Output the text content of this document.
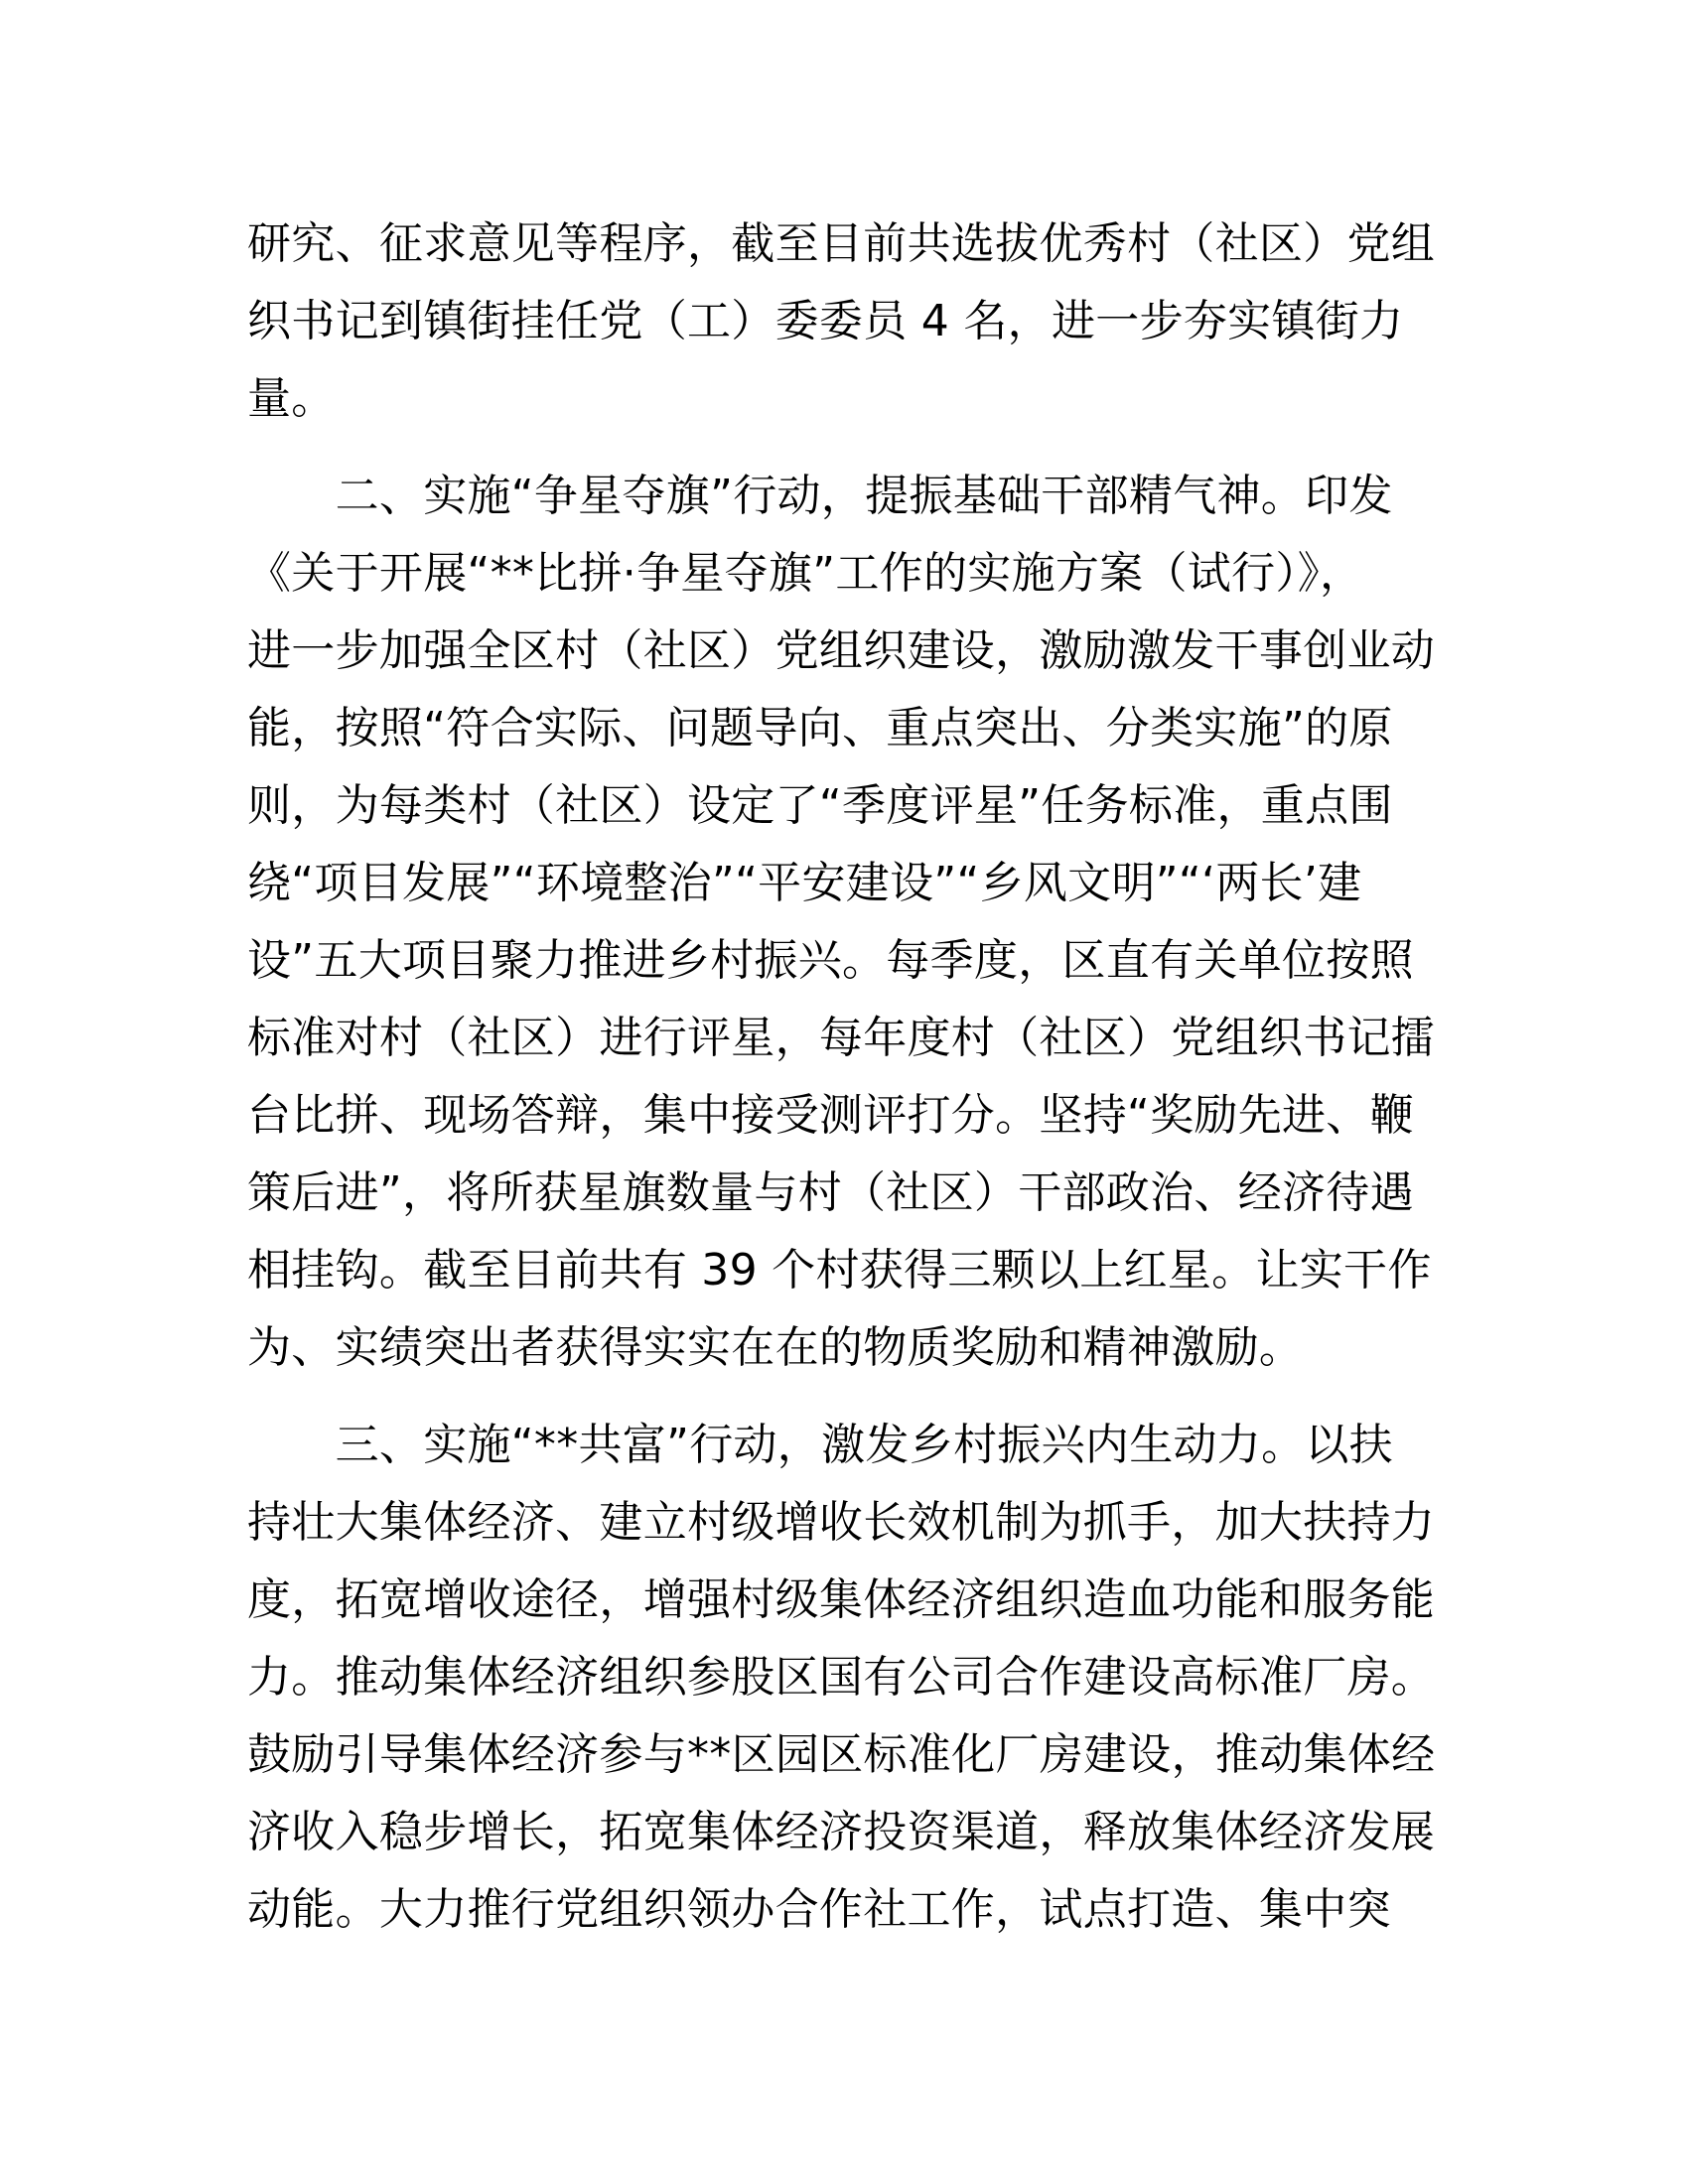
研究、征求意见等程序，截至目前共选拔优秀村（社区）党组
织书记到镇街挂任党（工）委委员 4 名，进一步夯实镇街力
量。
　　二、实施“争星夺旗”行动，提振基础干部精气神。印发
《关于开展“**比拼·争星夺旗”工作的实施方案（试行）》，
进一步加强全区村（社区）党组织建设，激励激发干事创业动
能，按照“符合实际、问题导向、重点突出、分类实施”的原
则，为每类村（社区）设定了“季度评星”任务标准，重点围
绕“项目发展”“环境整治”“平安建设”“乡风文明”“‘两长’建
设”五大项目聚力推进乡村振兴。每季度，区直有关单位按照
标准对村（社区）进行评星，每年度村（社区）党组织书记擂
台比拼、现场答辩，集中接受测评打分。坚持“奖励先进、鞭
策后进”，将所获星旗数量与村（社区）干部政治、经济待遇
相挂钩。截至目前共有 39 个村获得三颗以上红星。让实干作
为、实绩突出者获得实实在在的物质奖励和精神激励。
　　三、实施“**共富”行动，激发乡村振兴内生动力。以扶
持壮大集体经济、建立村级增收长效机制为抓手，加大扶持力
度，拓宽增收途径，增强村级集体经济组织造血功能和服务能
力。推动集体经济组织参股区国有公司合作建设高标准厂房。
鼓励引导集体经济参与**区园区标准化厂房建设，推动集体经
济收入稳步增长，拓宽集体经济投资渠道，释放集体经济发展
动能。大力推行党组织领办合作社工作，试点打造、集中突
